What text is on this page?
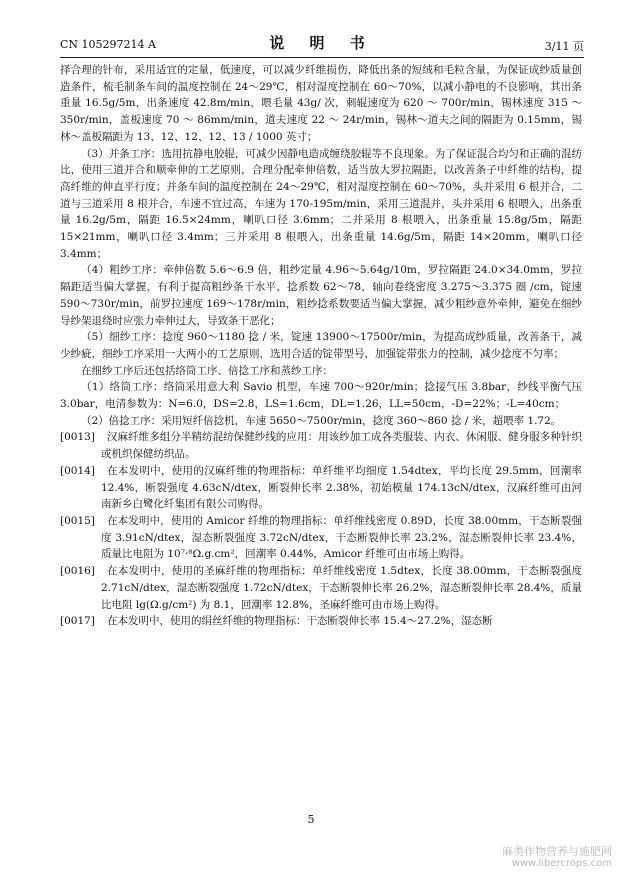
CN 105297214 A	说 明 书	3/11 页

择合理的针布，采用适宜的定量，低速度，可以减少纤维损伤，降低出条的短绒和毛粒含量，为保证成纱质量创造条件，梳毛制条车间的温度控制在 24～29℃，相对湿度控制在 60～70%，以减小静电的不良影响，其出条重量 16.5g/5m，出条速度 42.8m/min，喂毛量 43g/ 次，刺辊速度为 620 ～ 700r/min，锡林速度 315 ～ 350r/min，盖板速度 70 ～ 86mm/min，道夫速度 22 ～ 24r/min，锡林～道夫之间的隔距为 0.15mm，锡林～盖板隔距为 13、12、12、12、13 / 1000 英寸；

（3）并条工序：选用抗静电胶辊，可减少因静电造成缠绕胶辊等不良现象。为了保证混合均匀和正确的混纺比，使用三道并合和顺牵伸的工艺原则，合理分配牵伸倍数，适当放大罗拉隔距，以改善条子中纤维的结构，提高纤维的伸直平行度；并条车间的温度控制在 24～29℃，相对湿度控制在 60～70%，头并采用 6 根并合，二道与三道采用 8 根并合，车速不宜过高，车速为 170-195m/min，采用三道混并，头并采用 6 根喂入，出条重量 16.2g/5m，隔距 16.5×24mm，喇叭口径 3.6mm；二并采用 8 根喂入，出条重量 15.8g/5m，隔距 15×21mm，喇叭口径 3.4mm；三并采用 8 根喂入，出条重量 14.6g/5m，隔距 14×20mm，喇叭口径 3.4mm；

（4）粗纱工序：牵伸倍数 5.6～6.9 倍，粗纱定量 4.96～5.64g/10m，罗拉隔距 24.0×34.0mm，罗拉隔距适当偏大掌握，有利于提高粗纱条干水平，捻系数 62～78，轴向卷绕密度 3.275～3.375 圈 /cm，锭速 590～730r/min，前罗拉速度 169～178r/min，粗纱捻系数要适当偏大掌握，减少粗纱意外牵伸，避免在细纱导纱架退绕时应张力牵伸过大，导致条干恶化；

（5）细纱工序：捻度 960～1180 捻 / 米，锭速 13900～17500r/min，为提高成纱质量，改善条干，减少纱疵，细纱工序采用一大两小的工艺原则，选用合适的锭带型号，加强锭带张力的控制，减少捻度不匀率；

在细纱工序后还包括络筒工序、倍捻工序和蒸纱工序：

（1）络筒工序：络筒采用意大利 Savio 机型，车速 700～920r/min；捻接气压 3.8bar，纱线平衡气压 3.0bar，电清参数为：N=6.0，DS=2.8，LS=1.6cm，DL=1.26，LL=50cm，-D=22%；-L=40cm；

（2）倍捻工序：采用短纤倍捻机，车速 5650～7500r/min，捻度 360～860 捻 / 米，超喂率 1.72。

[0013] 汉麻纤维多组分半精纺混纺保健纱线的应用：用该纱加工成各类服装、内衣、休闲服、健身服多种针织或机织保健纺织品。

[0014] 在本发明中，使用的汉麻纤维的物理指标：单纤维平均细度 1.54dtex，平均长度 29.5mm，回潮率 12.4%，断裂强度 4.63cN/dtex，断裂伸长率 2.38%，初始模量 174.13cN/dtex，汉麻纤维可由河南新乡白鹭化纤集团有限公司购得。

[0015] 在本发明中，使用的 Amicor 纤维的物理指标：单纤维线密度 0.89D，长度 38.00mm，干态断裂强度 3.91cN/dtex，湿态断裂强度 3.72cN/dtex，干态断裂伸长率 23.2%，湿态断裂伸长率 23.4%，质量比电阻为 10⁷·⁸Ω.g.cm²，回潮率 0.44%，Amicor 纤维可由市场上购得。

[0016] 在本发明中，使用的圣麻纤维的物理指标：单纤维线密度 1.5dtex，长度 38.00mm，干态断裂强度 2.71cN/dtex，湿态断裂强度 1.72cN/dtex，干态断裂伸长率 26.2%，湿态断裂伸长率 28.4%，质量比电阻 lg(Ω.g/cm²) 为 8.1，回潮率 12.8%，圣麻纤维可由市场上购得。

[0017] 在本发明中，使用的绢丝纤维的物理指标：干态断裂伸长率 15.4～27.2%，湿态断

5
麻类作物营养与施肥网
www.libercrops.com
